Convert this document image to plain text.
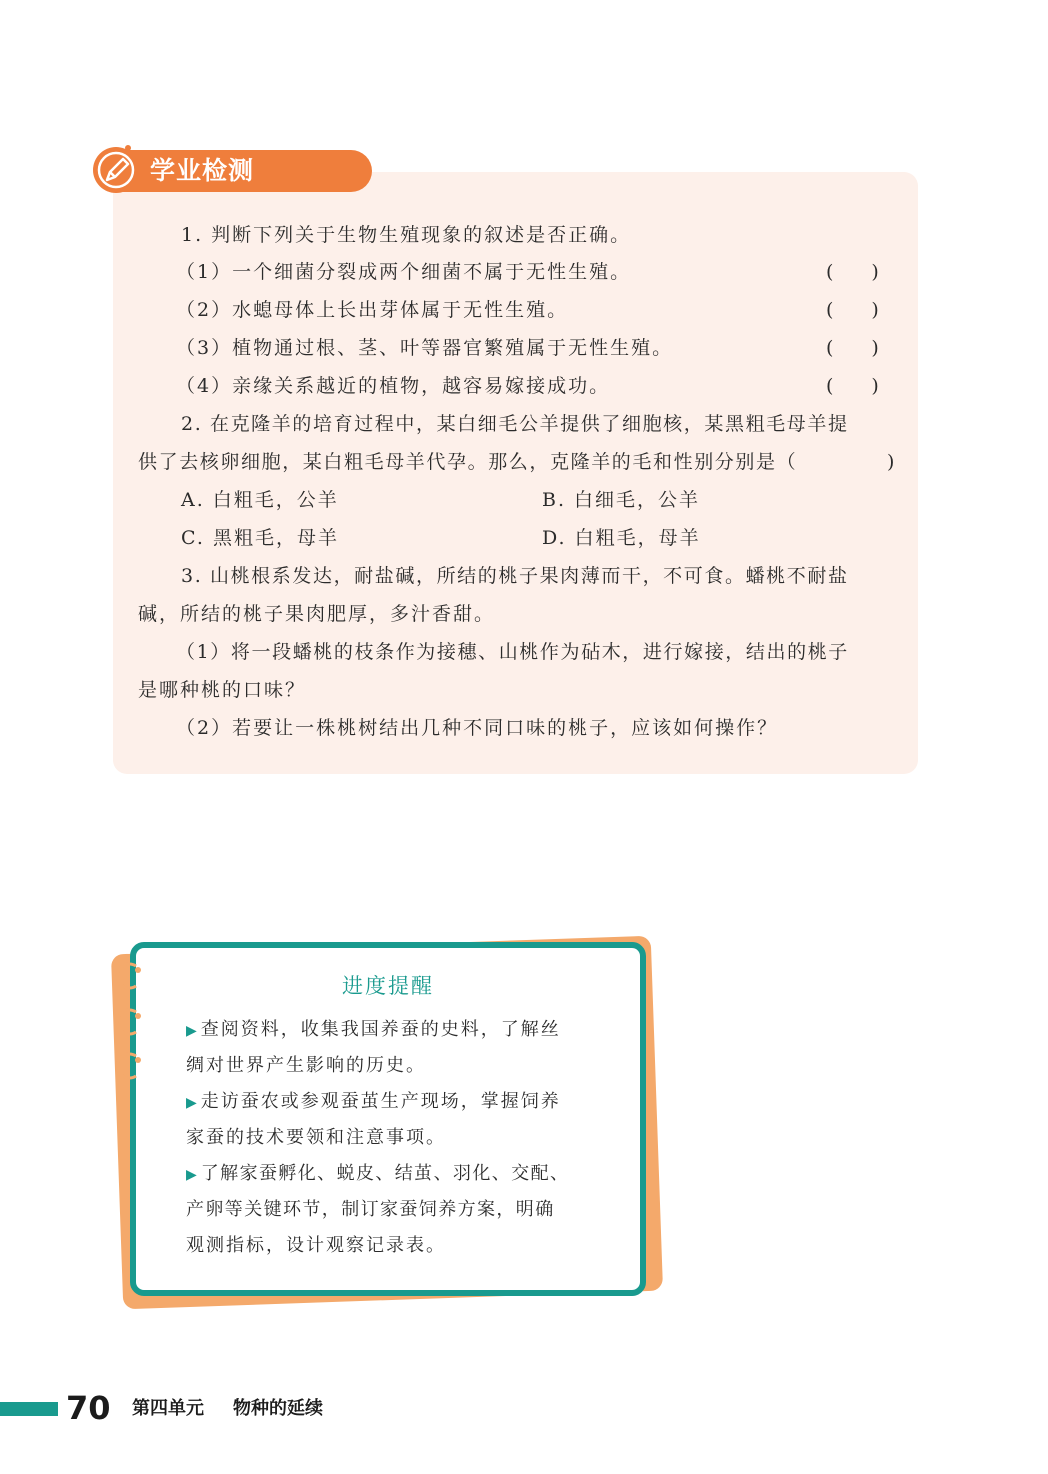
学业检测
1. 判断下列关于生物生殖现象的叙述是否正确。
（1）一个细菌分裂成两个细菌不属于无性生殖。	(　　)
（2）水螅母体上长出芽体属于无性生殖。	(　　)
（3）植物通过根、茎、叶等器官繁殖属于无性生殖。	(　　)
（4）亲缘关系越近的植物，越容易嫁接成功。	(　　)
2. 在克隆羊的培育过程中，某白细毛公羊提供了细胞核，某黑粗毛母羊提
供了去核卵细胞，某白粗毛母羊代孕。那么，克隆羊的毛和性别分别是（	)
A. 白粗毛，公羊	B. 白细毛，公羊
C. 黑粗毛，母羊	D. 白粗毛，母羊
3. 山桃根系发达，耐盐碱，所结的桃子果肉薄而干，不可食。蟠桃不耐盐
碱，所结的桃子果肉肥厚，多汁香甜。
（1）将一段蟠桃的枝条作为接穗、山桃作为砧木，进行嫁接，结出的桃子
是哪种桃的口味？
（2）若要让一株桃树结出几种不同口味的桃子，应该如何操作？
进度提醒
▶ 查阅资料，收集我国养蚕的史料，了解丝
绸对世界产生影响的历史。
▶ 走访蚕农或参观蚕茧生产现场，掌握饲养
家蚕的技术要领和注意事项。
▶ 了解家蚕孵化、蜕皮、结茧、羽化、交配、
产卵等关键环节，制订家蚕饲养方案，明确
观测指标，设计观察记录表。
70 第四单元 物种的延续
